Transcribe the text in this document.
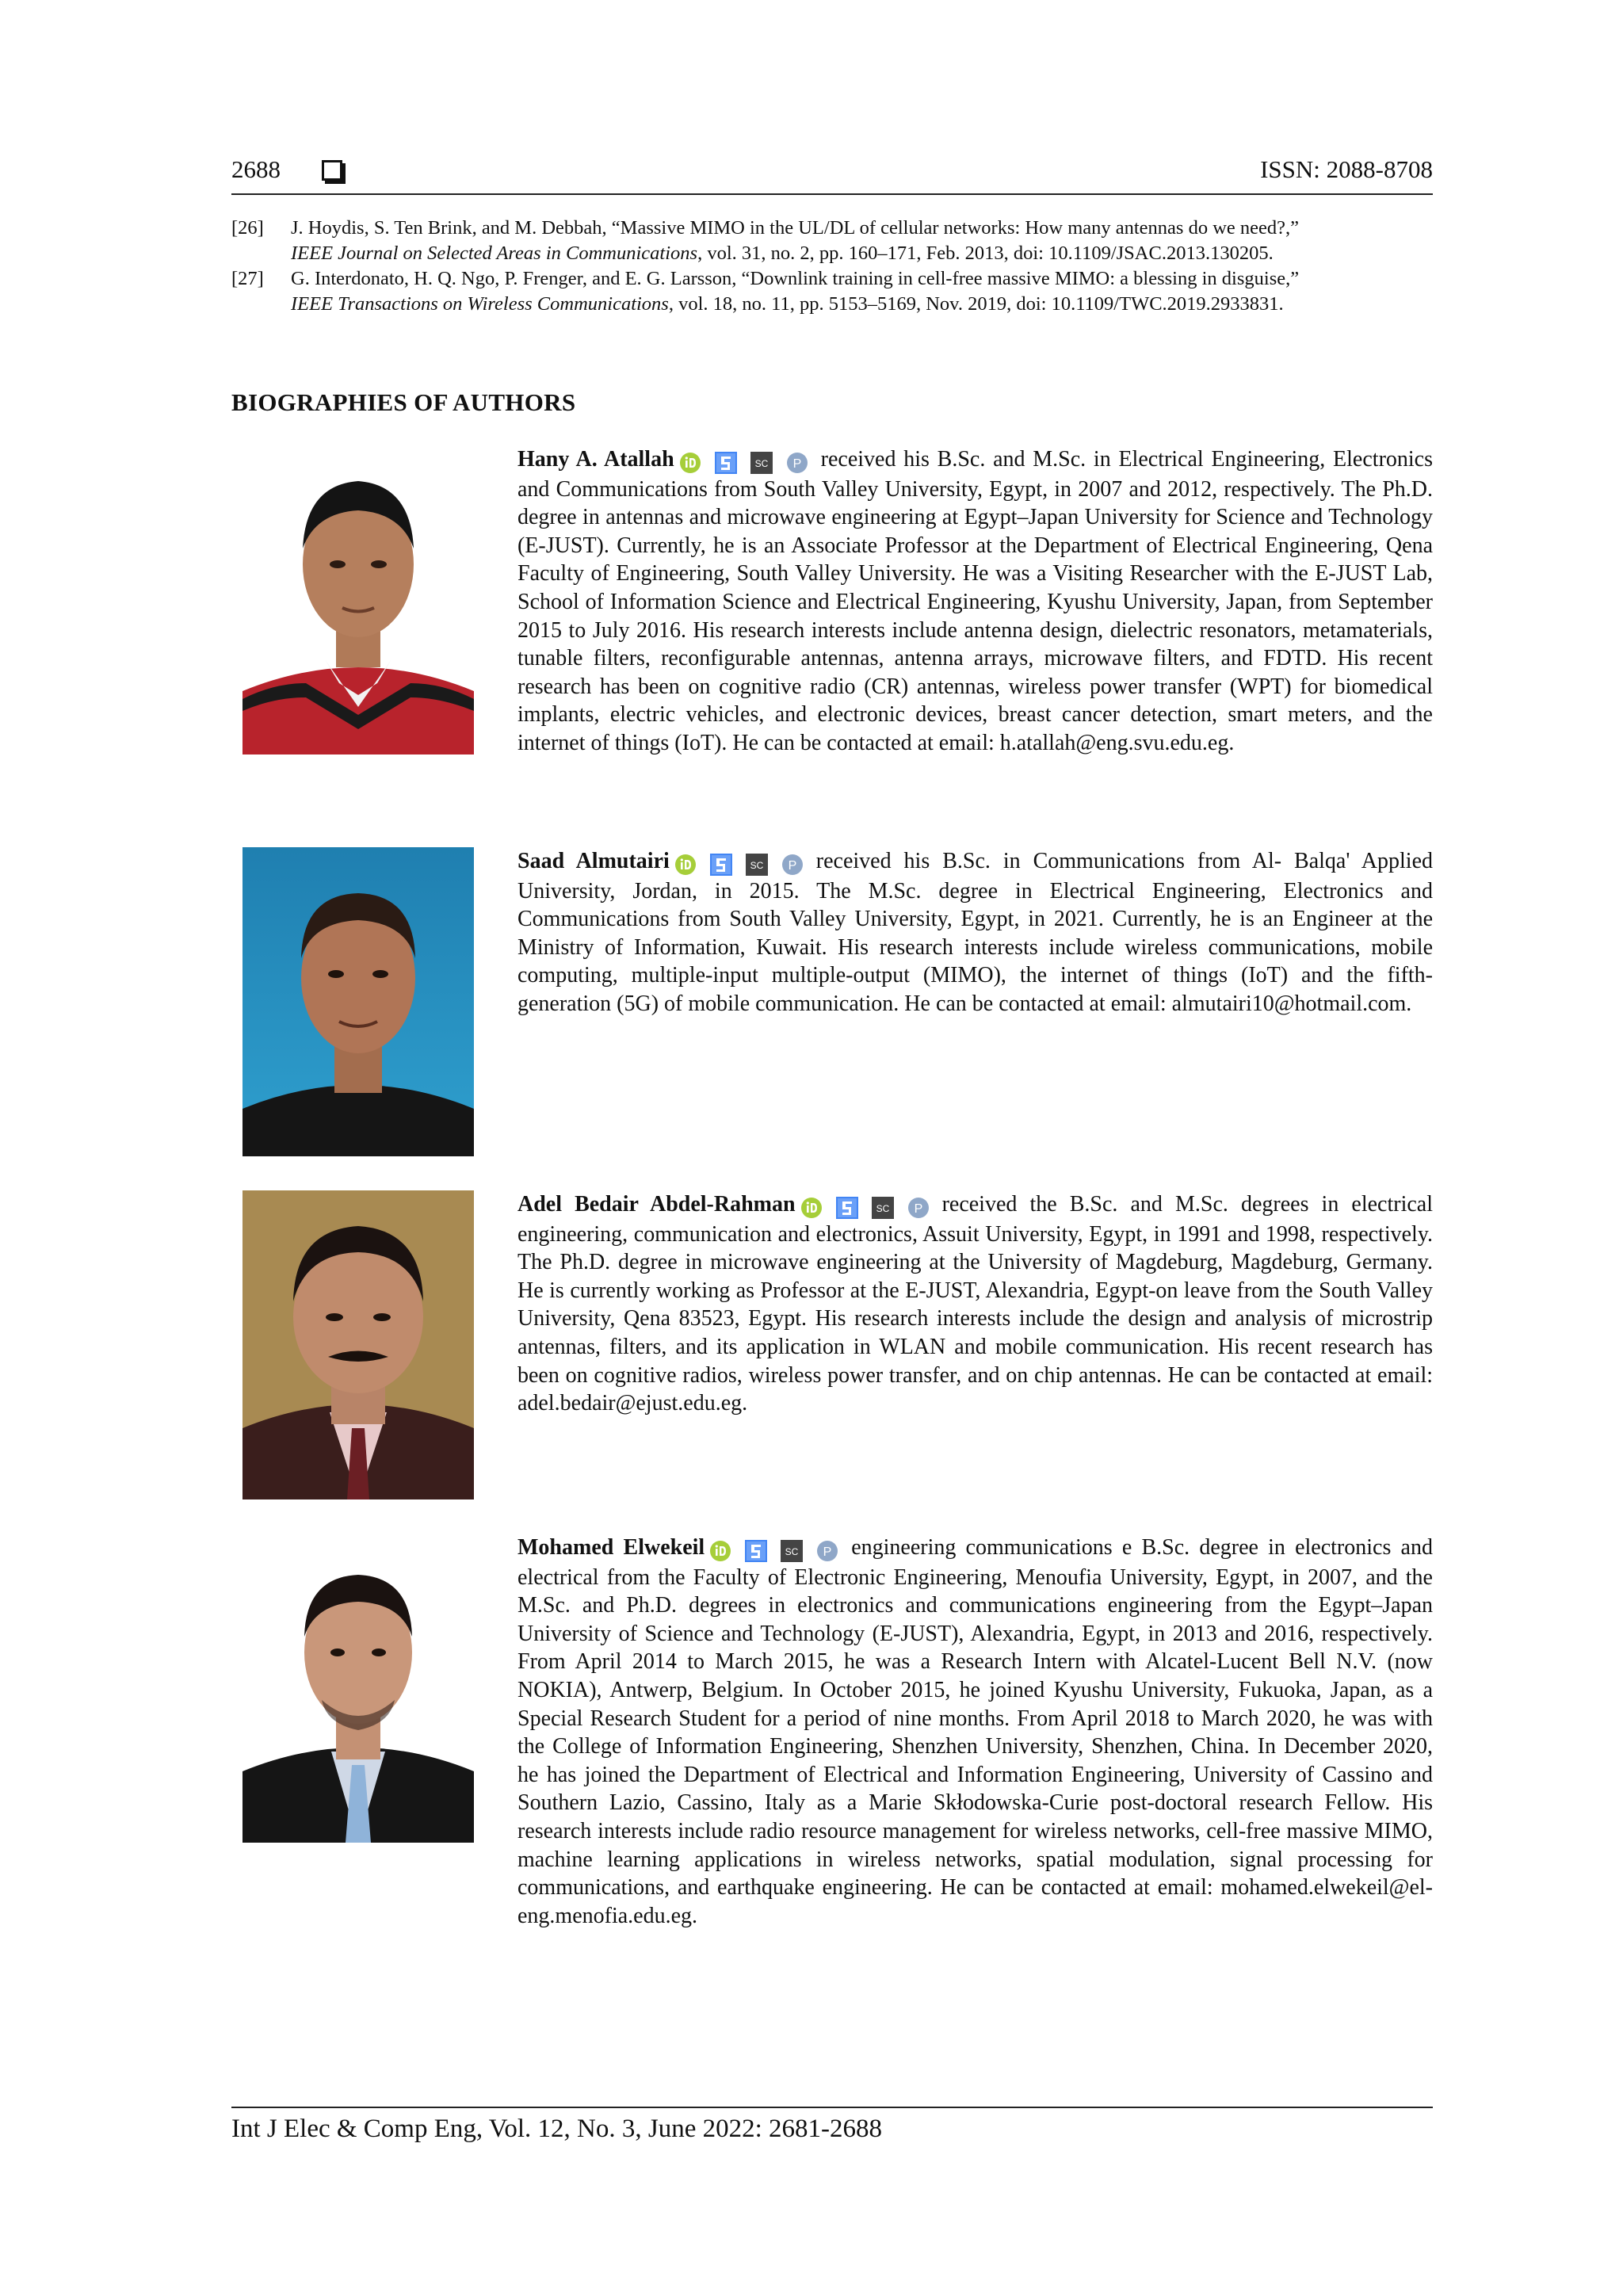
2688	ISSN: 2088-8708
[26] J. Hoydis, S. Ten Brink, and M. Debbah, “Massive MIMO in the UL/DL of cellular networks: How many antennas do we need?,”
IEEE Journal on Selected Areas in Communications, vol. 31, no. 2, pp. 160–171, Feb. 2013, doi: 10.1109/JSAC.2013.130205.
[27] G. Interdonato, H. Q. Ngo, P. Frenger, and E. G. Larsson, “Downlink training in cell-free massive MIMO: a blessing in disguise,”
IEEE Transactions on Wireless Communications, vol. 18, no. 11, pp. 5153–5169, Nov. 2019, doi: 10.1109/TWC.2019.2933831.
BIOGRAPHIES OF AUTHORS
Hany A. Atallah	SC
P received his B.Sc. and M.Sc. in Electrical Engineering, Electronics and Communications from South Valley University, Egypt, in 2007 and 2012, respectively. The Ph.D. degree in antennas and microwave engineering at Egypt–Japan University for Science and Technology (E-JUST). Currently, he is an Associate Professor at the Department of Electrical Engineering, Qena Faculty of Engineering, South Valley University. He was a Visiting Researcher with the E-JUST Lab, School of Information Science and Electrical Engineering, Kyushu University, Japan, from September 2015 to July 2016. His research interests include antenna design, dielectric resonators, metamaterials, tunable filters, reconfigurable antennas, antenna arrays, microwave filters, and FDTD. His recent research has been on cognitive radio (CR) antennas, wireless power transfer (WPT) for biomedical implants, electric vehicles, and electronic devices, breast cancer detection, smart meters, and the internet of things (IoT). He can be contacted at email: h.atallah@eng.svu.edu.eg.
Saad Almutairi	SC
P received his B.Sc. in Communications from Al- Balqa' Applied University, Jordan, in 2015. The M.Sc. degree in Electrical Engineering, Electronics and Communications from South Valley University, Egypt, in 2021. Currently, he is an Engineer at the Ministry of Information, Kuwait. His research interests include wireless communications, mobile computing, multiple-input multiple-output (MIMO), the internet of things (IoT) and the fifth-generation (5G) of mobile communication. He can be contacted at email: almutairi10@hotmail.com.
Adel Bedair Abdel-Rahman	SC
P received the B.Sc. and M.Sc. degrees in electrical engineering, communication and electronics, Assuit University, Egypt, in 1991 and 1998, respectively. The Ph.D. degree in microwave engineering at the University of Magdeburg, Magdeburg, Germany. He is currently working as Professor at the E-JUST, Alexandria, Egypt-on leave from the South Valley University, Qena 83523, Egypt. His research interests include the design and analysis of microstrip antennas, filters, and its application in WLAN and mobile communication. His recent research has been on cognitive radios, wireless power transfer, and on chip antennas. He can be contacted at email: adel.bedair@ejust.edu.eg.
Mohamed Elwekeil	SC
P engineering communications e B.Sc. degree in electronics and electrical from the Faculty of Electronic Engineering, Menoufia University, Egypt, in 2007, and the M.Sc. and Ph.D. degrees in electronics and communications engineering from the Egypt–Japan University of Science and Technology (E-JUST), Alexandria, Egypt, in 2013 and 2016, respectively. From April 2014 to March 2015, he was a Research Intern with Alcatel-Lucent Bell N.V. (now NOKIA), Antwerp, Belgium. In October 2015, he joined Kyushu University, Fukuoka, Japan, as a Special Research Student for a period of nine months. From April 2018 to March 2020, he was with the College of Information Engineering, Shenzhen University, Shenzhen, China. In December 2020, he has joined the Department of Electrical and Information Engineering, University of Cassino and Southern Lazio, Cassino, Italy as a Marie Skłodowska-Curie post-doctoral research Fellow. His research interests include radio resource management for wireless networks, cell-free massive MIMO, machine learning applications in wireless networks, spatial modulation, signal processing for communications, and earthquake engineering. He can be contacted at email: mohamed.elwekeil@el-eng.menofia.edu.eg.
Int J Elec & Comp Eng, Vol. 12, No. 3, June 2022: 2681-2688
